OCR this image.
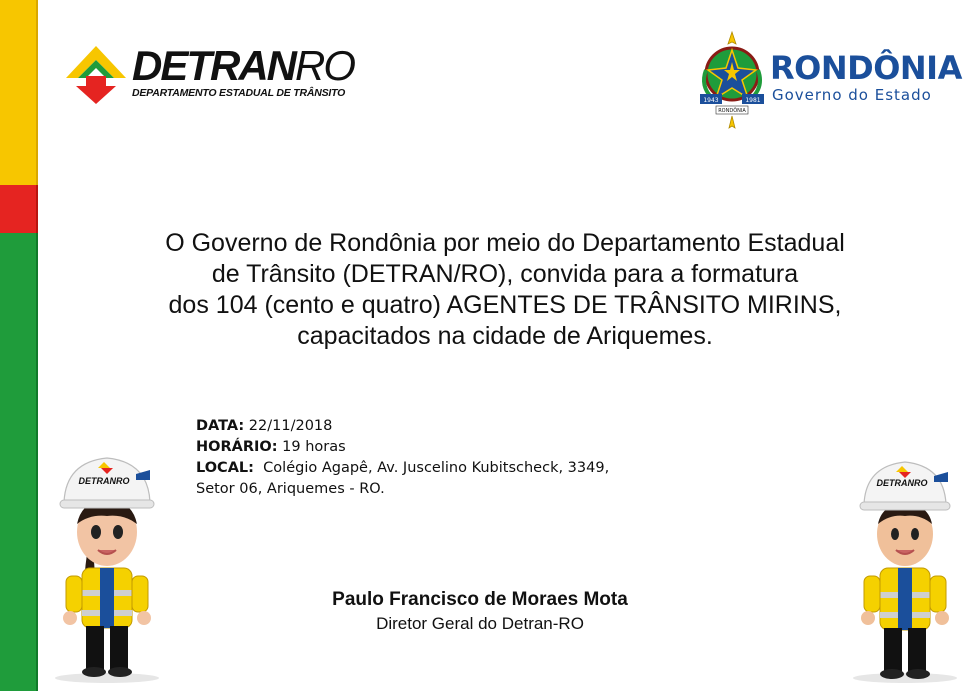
DETRANRO
DEPARTAMENTO ESTADUAL DE TRÂNSITO
1943	1981
RONDÔNIA
RONDÔNIA
Governo do Estado
O Governo de Rondônia por meio do Departamento Estadual
de Trânsito (DETRAN/RO), convida para a formatura
dos 104 (cento e quatro) AGENTES DE TRÂNSITO MIRINS,
capacitados na cidade de Ariquemes.
DATA: 22/11/2018
HORÁRIO: 19 horas
LOCAL:  Colégio Agapê, Av. Juscelino Kubitscheck, 3349,
Setor 06, Ariquemes - RO.
Paulo Francisco de Moraes Mota
Diretor Geral do Detran-RO
DETRANRO	DETRANRO
